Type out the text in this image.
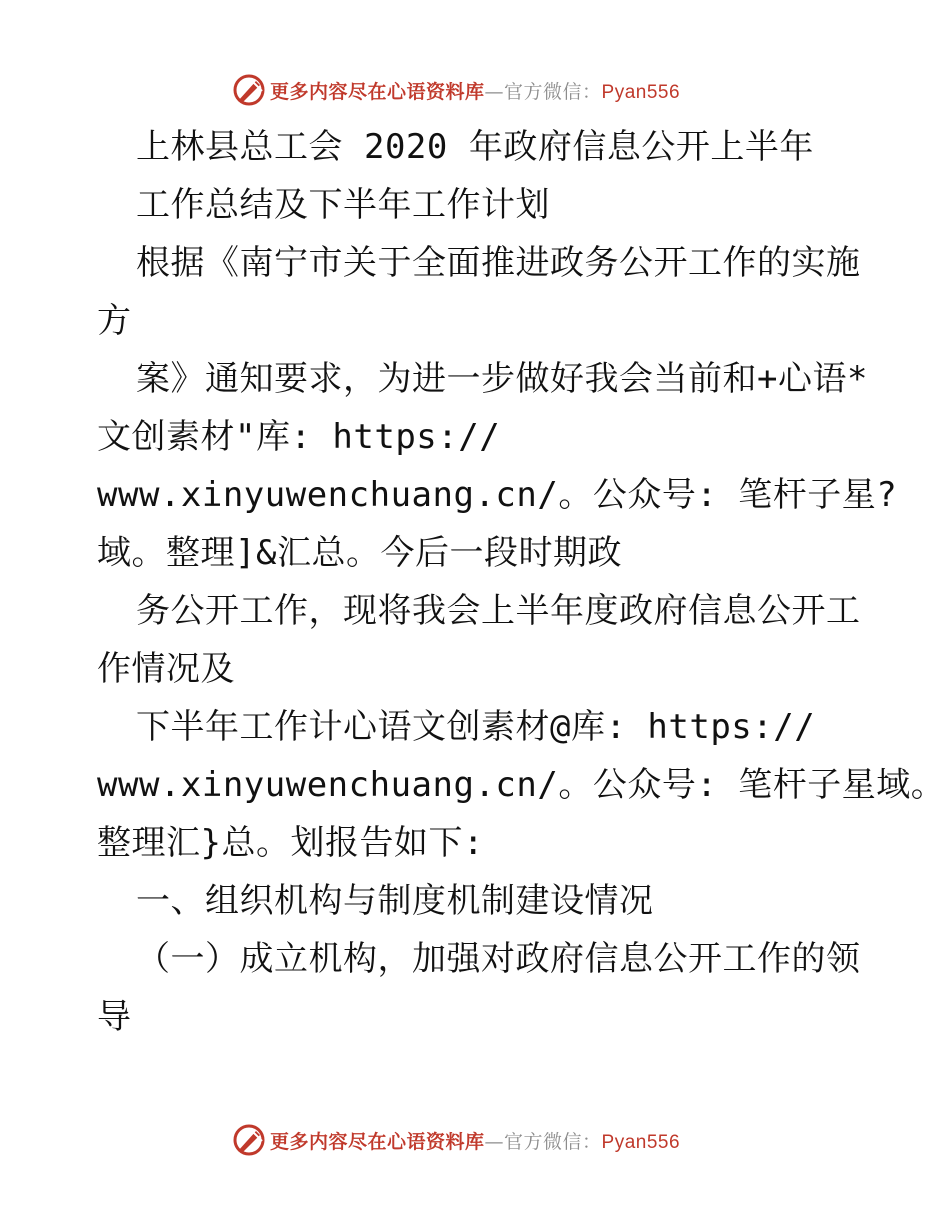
更多内容尽在心语资料库—官方微信：Pyan556
上林县总工会 2020 年政府信息公开上半年
工作总结及下半年工作计划
根据《南宁市关于全面推进政务公开工作的实施
方
案》通知要求，为进一步做好我会当前和+心语*
文创素材"库: https://
www.xinyuwenchuang.cn/。公众号: 笔杆子星?
域。整理]&汇总。今后一段时期政
务公开工作，现将我会上半年度政府信息公开工
作情况及
下半年工作计心语文创素材@库: https://
www.xinyuwenchuang.cn/。公众号: 笔杆子星域。
整理汇}总。划报告如下:
一、组织机构与制度机制建设情况
（一）成立机构，加强对政府信息公开工作的领
导
更多内容尽在心语资料库—官方微信：Pyan556
